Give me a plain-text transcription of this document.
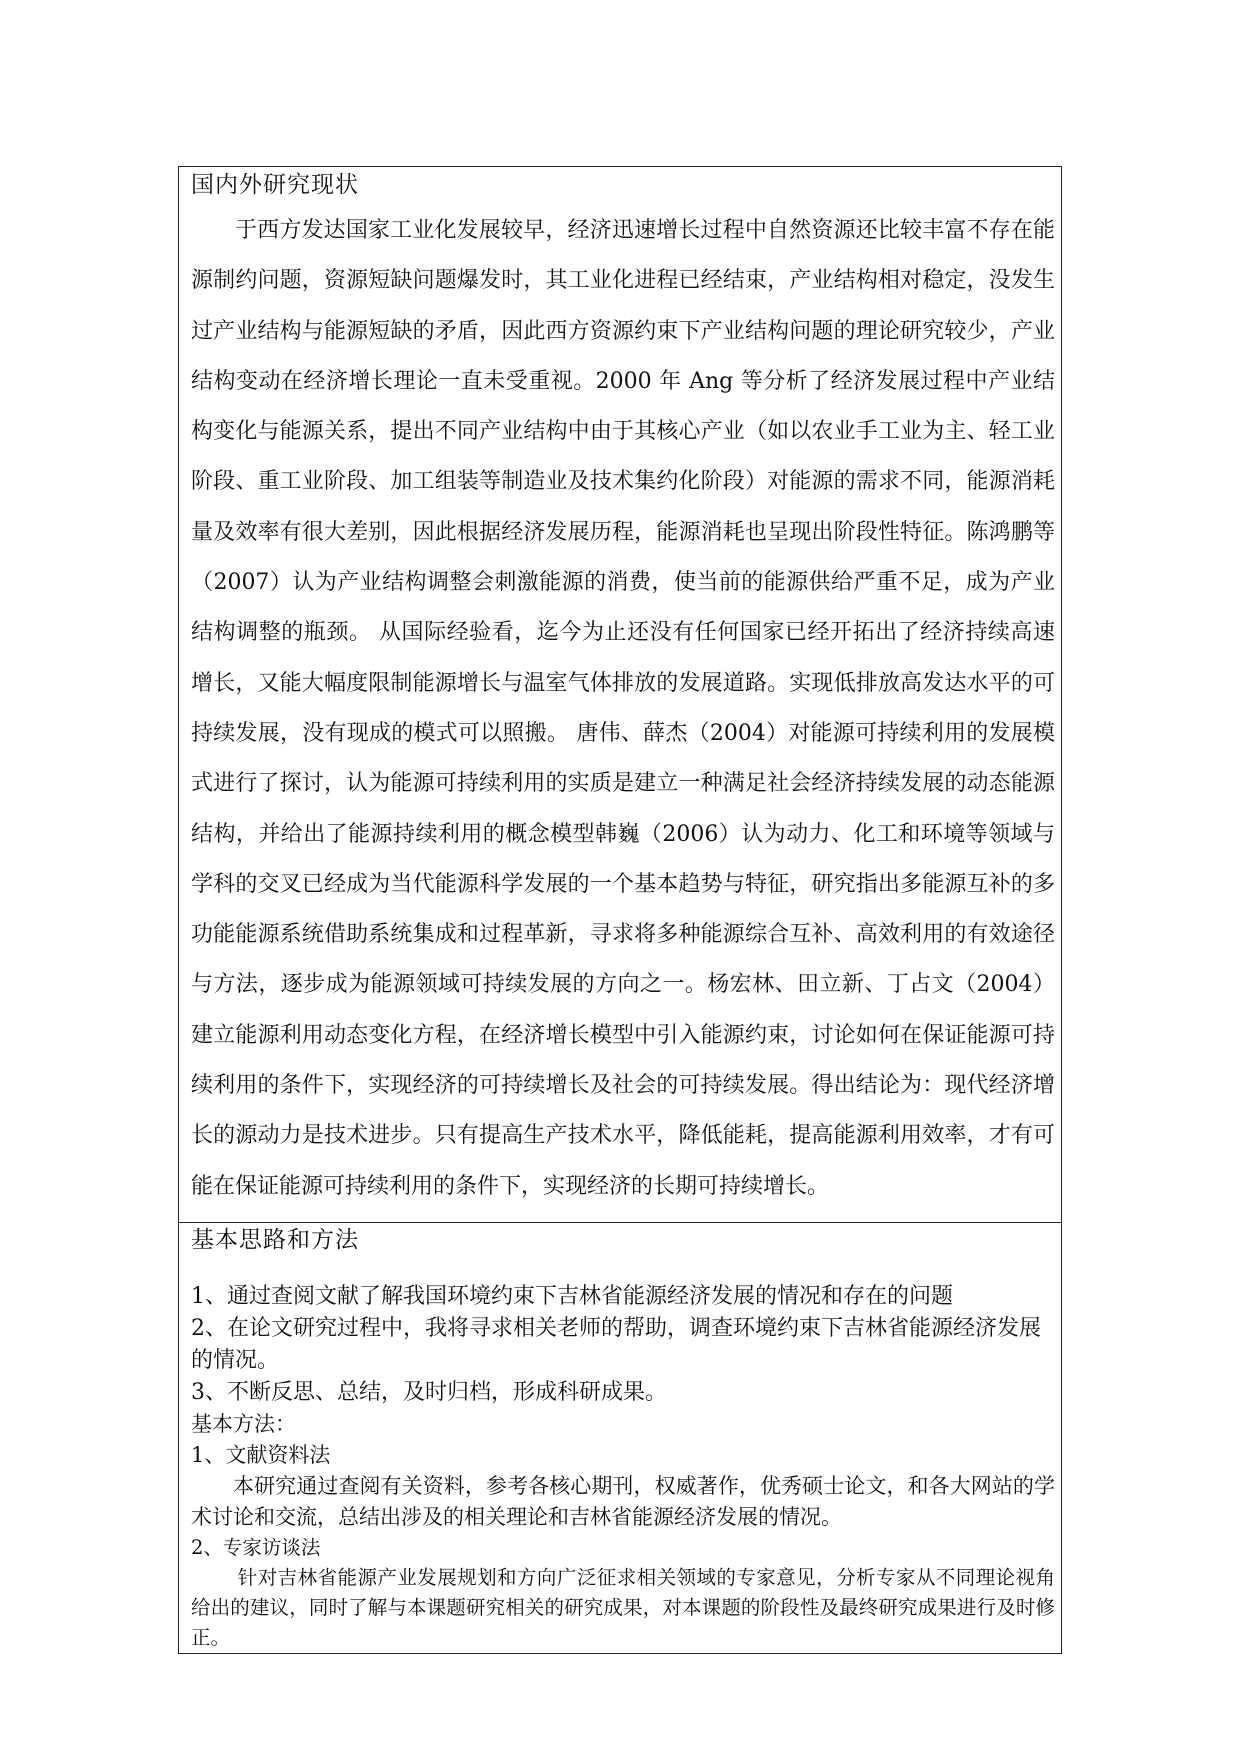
国内外研究现状

于西方发达国家工业化发展较早，经济迅速增长过程中自然资源还比较丰富不存在能源制约问题，资源短缺问题爆发时，其工业化进程已经结束，产业结构相对稳定，没发生过产业结构与能源短缺的矛盾，因此西方资源约束下产业结构问题的理论研究较少，产业结构变动在经济增长理论一直未受重视。2000 年 Ang 等分析了经济发展过程中产业结构变化与能源关系，提出不同产业结构中由于其核心产业（如以农业手工业为主、轻工业阶段、重工业阶段、加工组装等制造业及技术集约化阶段）对能源的需求不同，能源消耗量及效率有很大差别，因此根据经济发展历程，能源消耗也呈现出阶段性特征。陈鸿鹏等（2007）认为产业结构调整会刺激能源的消费，使当前的能源供给严重不足，成为产业结构调整的瓶颈。 从国际经验看，迄今为止还没有任何国家已经开拓出了经济持续高速增长，又能大幅度限制能源增长与温室气体排放的发展道路。实现低排放高发达水平的可持续发展，没有现成的模式可以照搬。 唐伟、薛杰（2004）对能源可持续利用的发展模式进行了探讨，认为能源可持续利用的实质是建立一种满足社会经济持续发展的动态能源结构，并给出了能源持续利用的概念模型韩巍（2006）认为动力、化工和环境等领域与学科的交叉已经成为当代能源科学发展的一个基本趋势与特征，研究指出多能源互补的多功能能源系统借助系统集成和过程革新，寻求将多种能源综合互补、高效利用的有效途径与方法，逐步成为能源领域可持续发展的方向之一。杨宏林、田立新、丁占文（2004）建立能源利用动态变化方程，在经济增长模型中引入能源约束，讨论如何在保证能源可持续利用的条件下，实现经济的可持续增长及社会的可持续发展。得出结论为：现代经济增长的源动力是技术进步。只有提高生产技术水平，降低能耗，提高能源利用效率，才有可能在保证能源可持续利用的条件下，实现经济的长期可持续增长。

基本思路和方法

1、通过查阅文献了解我国环境约束下吉林省能源经济发展的情况和存在的问题

2、在论文研究过程中，我将寻求相关老师的帮助，调查环境约束下吉林省能源经济发展的情况。

3、不断反思、总结，及时归档，形成科研成果。

基本方法：

1、文献资料法

本研究通过查阅有关资料，参考各核心期刊，权威著作，优秀硕士论文，和各大网站的学术讨论和交流，总结出涉及的相关理论和吉林省能源经济发展的情况。

2、专家访谈法

针对吉林省能源产业发展规划和方向广泛征求相关领域的专家意见，分析专家从不同理论视角给出的建议，同时了解与本课题研究相关的研究成果，对本课题的阶段性及最终研究成果进行及时修正。
